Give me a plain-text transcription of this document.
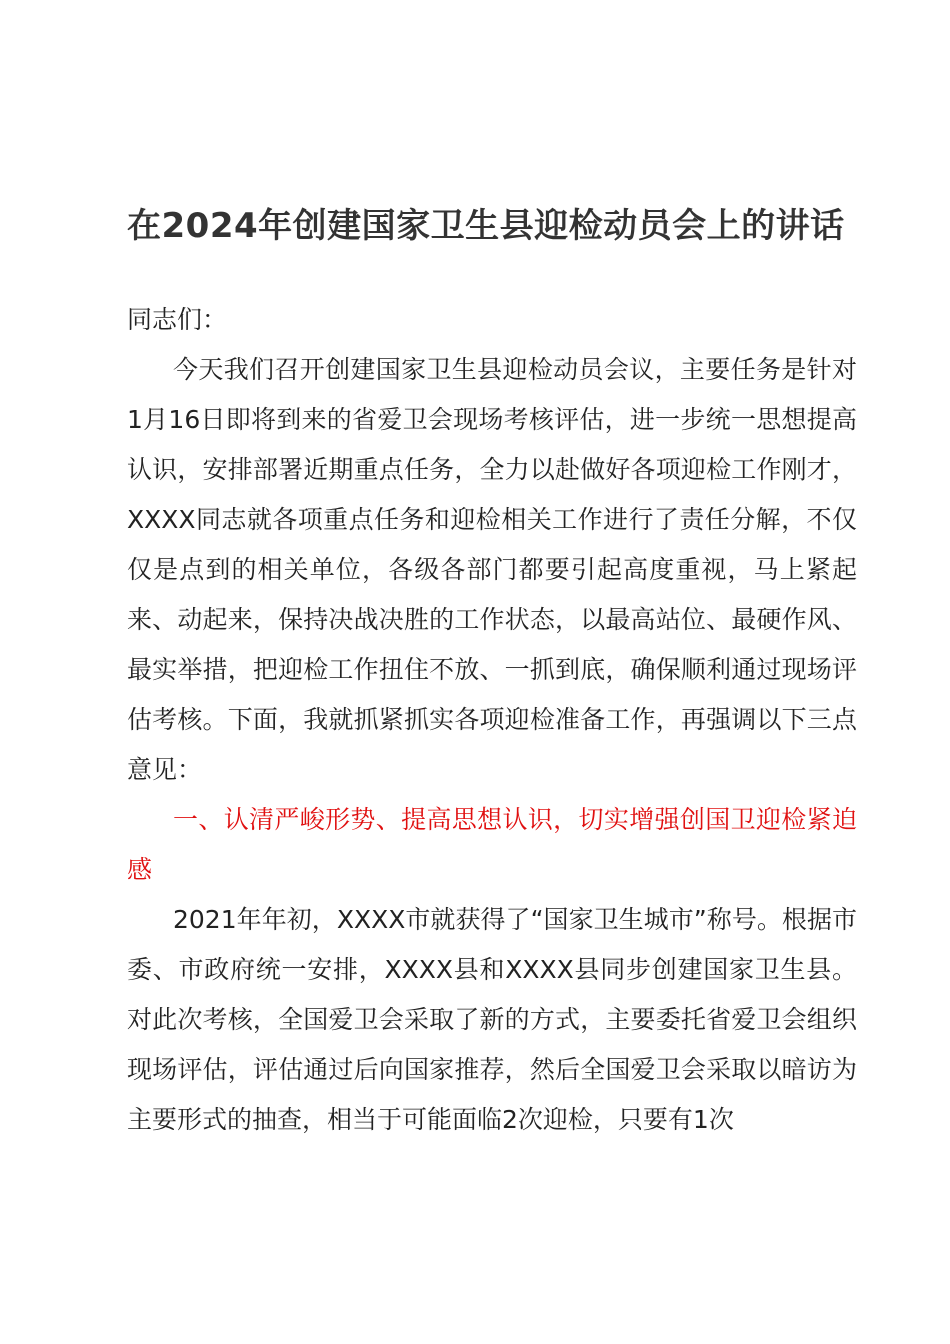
在2024年创建国家卫生县迎检动员会上的讲话

同志们：

今天我们召开创建国家卫生县迎检动员会议，主要任务是针对1月16日即将到来的省爱卫会现场考核评估，进一步统一思想提高认识，安排部署近期重点任务，全力以赴做好各项迎检工作刚才，XXXX同志就各项重点任务和迎检相关工作进行了责任分解，不仅仅是点到的相关单位，各级各部门都要引起高度重视，马上紧起来、动起来，保持决战决胜的工作状态，以最高站位、最硬作风、最实举措，把迎检工作扭住不放、一抓到底，确保顺利通过现场评估考核。下面，我就抓紧抓实各项迎检准备工作，再强调以下三点意见：

一、认清严峻形势、提高思想认识，切实增强创国卫迎检紧迫感

2021年年初，XXXX市就获得了“国家卫生城市”称号。根据市委、市政府统一安排，XXXX县和XXXX县同步创建国家卫生县。对此次考核，全国爱卫会采取了新的方式，主要委托省爱卫会组织现场评估，评估通过后向国家推荐，然后全国爱卫会采取以暗访为主要形式的抽查，相当于可能面临2次迎检，只要有1次
